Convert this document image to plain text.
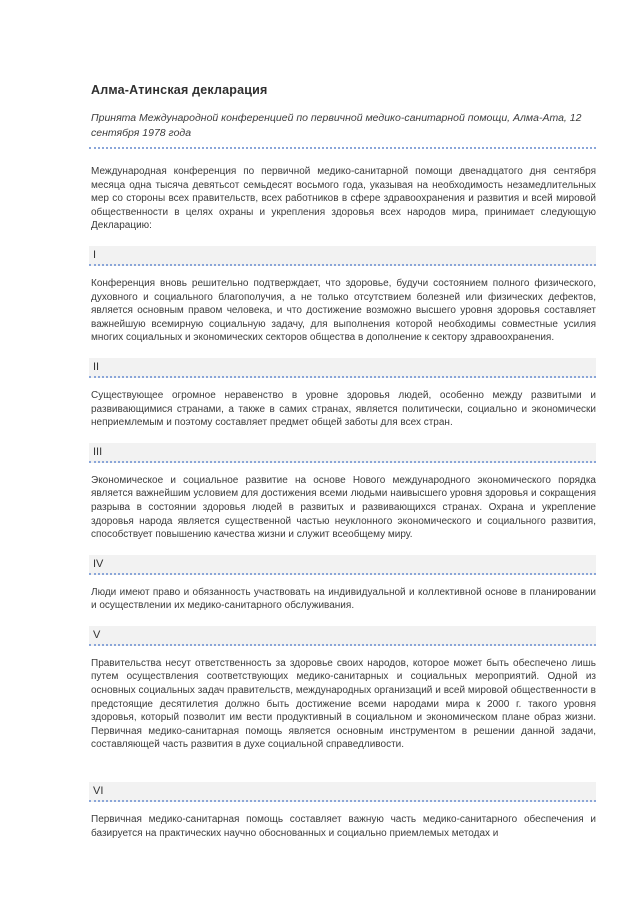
Алма-Атинская декларация

Принята Международной конференцией по первичной медико-санитарной помощи, Алма-Ата, 12 сентября 1978 года

Международная конференция по первичной медико-санитарной помощи двенадцатого дня сентября месяца одна тысяча девятьсот семьдесят восьмого года, указывая на необходимость незамедлительных мер со стороны всех правительств, всех работников в сфере здравоохранения и развития и всей мировой общественности в целях охраны и укрепления здоровья всех народов мира, принимает следующую Декларацию:

I

Конференция вновь решительно подтверждает, что здоровье, будучи состоянием полного физического, духовного и социального благополучия, а не только отсутствием болезней или физических дефектов, является основным правом человека, и что достижение возможно высшего уровня здоровья составляет важнейшую всемирную социальную задачу, для выполнения которой необходимы совместные усилия многих социальных и экономических секторов общества в дополнение к сектору здравоохранения.

II

Существующее огромное неравенство в уровне здоровья людей, особенно между развитыми и развивающимися странами, а также в самих странах, является политически, социально и экономически неприемлемым и поэтому составляет предмет общей заботы для всех стран.

III

Экономическое и социальное развитие на основе Нового международного экономического порядка является важнейшим условием для достижения всеми людьми наивысшего уровня здоровья и сокращения разрыва в состоянии здоровья людей в развитых и развивающихся странах. Охрана и укрепление здоровья народа является существенной частью неуклонного экономического и социального развития, способствует повышению качества жизни и служит всеобщему миру.

IV

Люди имеют право и обязанность участвовать на индивидуальной и коллективной основе в планировании и осуществлении их медико-санитарного обслуживания.

V

Правительства несут ответственность за здоровье своих народов, которое может быть обеспечено лишь путем осуществления соответствующих медико-санитарных и социальных мероприятий. Одной из основных социальных задач правительств, международных организаций и всей мировой общественности в предстоящие десятилетия должно быть достижение всеми народами мира к 2000 г. такого уровня здоровья, который позволит им вести продуктивный в социальном и экономическом плане образ жизни. Первичная медико-санитарная помощь является основным инструментом в решении данной задачи, составляющей часть развития в духе социальной справедливости.

VI

Первичная медико-санитарная помощь составляет важную часть медико-санитарного обеспечения и базируется на практических научно обоснованных и социально приемлемых методах и
